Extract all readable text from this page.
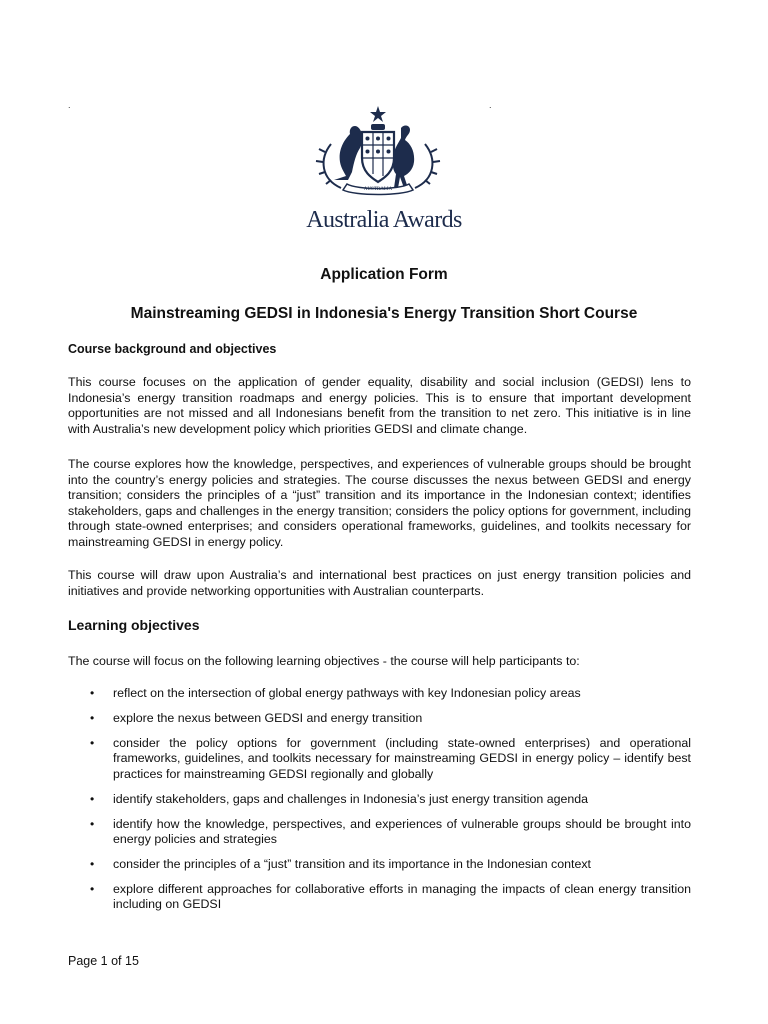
.	.
AUSTRALIA
Australia Awards
Application Form
Mainstreaming GEDSI in Indonesia's Energy Transition Short Course
Course background and objectives

This course focuses on the application of gender equality, disability and social inclusion (GEDSI) lens to Indonesia’s energy transition roadmaps and energy policies. This is to ensure that important development opportunities are not missed and all Indonesians benefit from the transition to net zero. This initiative is in line with Australia’s new development policy which priorities GEDSI and climate change.

The course explores how the knowledge, perspectives, and experiences of vulnerable groups should be brought into the country’s energy policies and strategies. The course discusses the nexus between GEDSI and energy transition; considers the principles of a “just” transition and its importance in the Indonesian context; identifies stakeholders, gaps and challenges in the energy transition; considers the policy options for government, including through state-owned enterprises; and considers operational frameworks, guidelines, and toolkits necessary for mainstreaming GEDSI in energy policy.

This course will draw upon Australia’s and international best practices on just energy transition policies and initiatives and provide networking opportunities with Australian counterparts.

Learning objectives

The course will focus on the following learning objectives - the course will help participants to:

• reflect on the intersection of global energy pathways with key Indonesian policy areas
• explore the nexus between GEDSI and energy transition
• consider the policy options for government (including state-owned enterprises) and operational frameworks, guidelines, and toolkits necessary for mainstreaming GEDSI in energy policy – identify best practices for mainstreaming GEDSI regionally and globally
• identify stakeholders, gaps and challenges in Indonesia’s just energy transition agenda
• identify how the knowledge, perspectives, and experiences of vulnerable groups should be brought into energy policies and strategies
• consider the principles of a “just” transition and its importance in the Indonesian context
• explore different approaches for collaborative efforts in managing the impacts of clean energy transition including on GEDSI
Page 1 of 15
